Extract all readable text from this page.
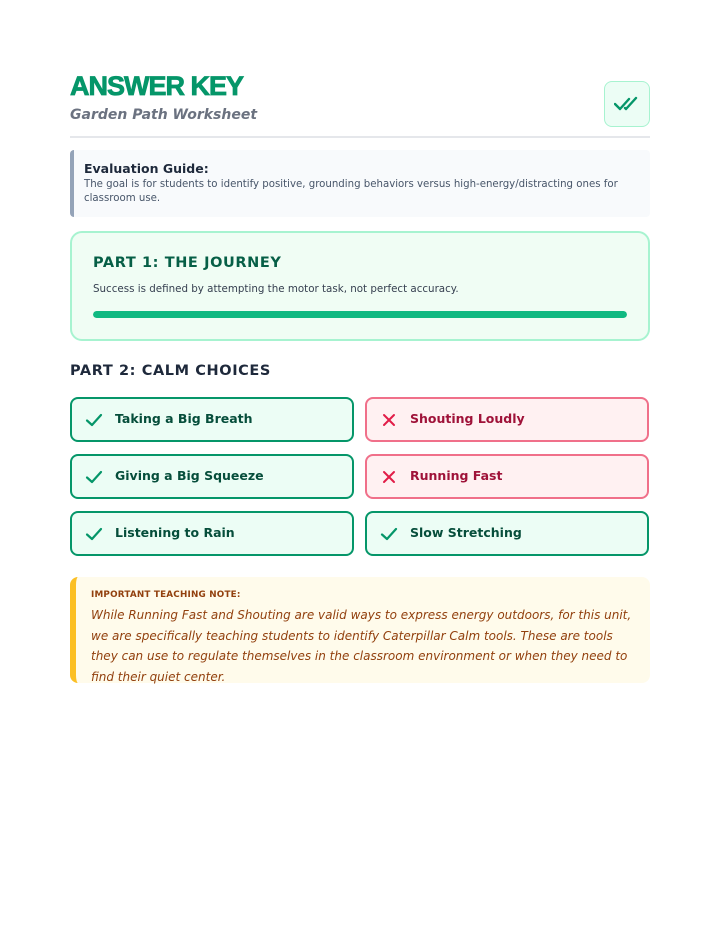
ANSWER KEY
Garden Path Worksheet
Evaluation Guide:
The goal is for students to identify positive, grounding behaviors versus high-energy/distracting ones for classroom use.
PART 1: THE JOURNEY
Success is defined by attempting the motor task, not perfect accuracy.
PART 2: CALM CHOICES
Taking a Big Breath	Shouting Loudly
Giving a Big Squeeze	Running Fast
Listening to Rain	Slow Stretching
IMPORTANT TEACHING NOTE:
While Running Fast and Shouting are valid ways to express energy outdoors, for this unit, we are specifically teaching students to identify Caterpillar Calm tools. These are tools they can use to regulate themselves in the classroom environment or when they need to find their quiet center.
